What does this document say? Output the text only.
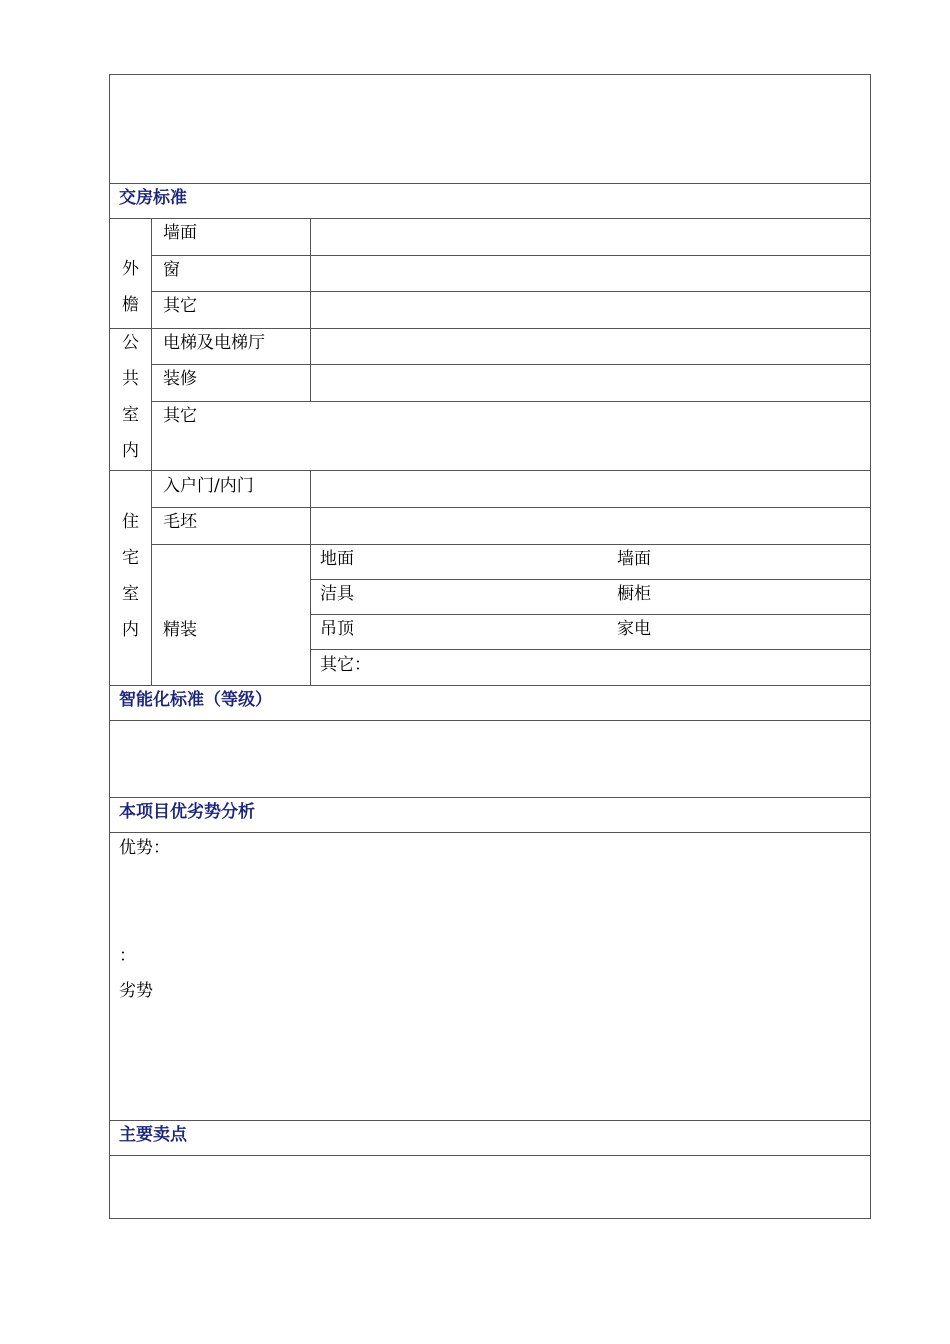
交房标准
智能化标准（等级）
本项目优劣势分析
主要卖点
外
檐
墙面
窗
其它
公
共
室
内
电梯及电梯厅
装修
其它
住
宅
室
内
入户门/内门
毛坯
精装
地面
洁具
吊顶
其它：
墙面
橱柜
家电
优势：
：
劣势
